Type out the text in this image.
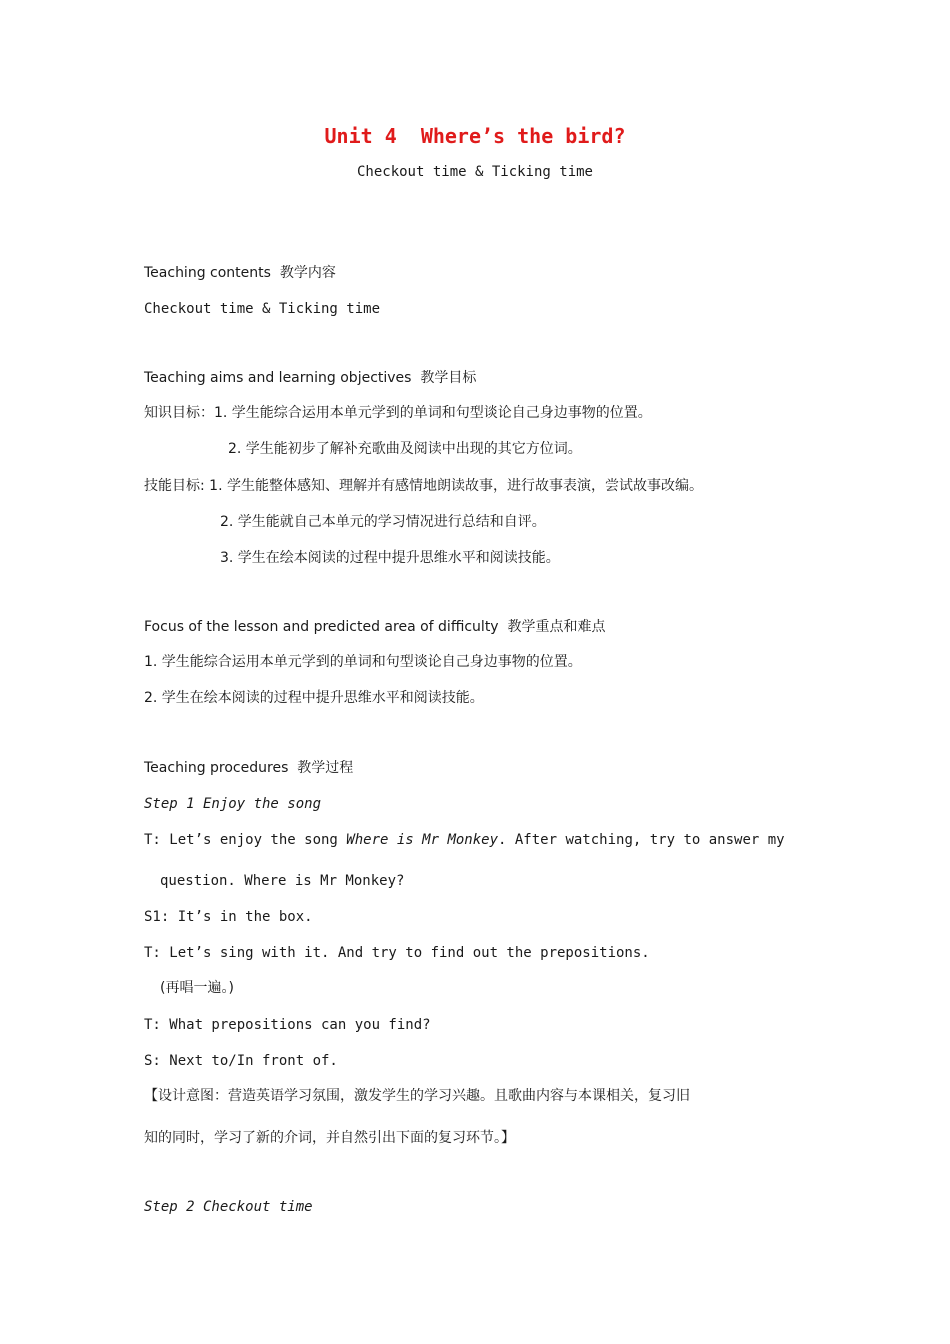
Unit 4  Where’s the bird?
Checkout time & Ticking time
Teaching contents  教学内容
Checkout time & Ticking time
Teaching aims and learning objectives  教学目标
知识目标：1. 学生能综合运用本单元学到的单词和句型谈论自己身边事物的位置。
2. 学生能初步了解补充歌曲及阅读中出现的其它方位词。
技能目标: 1. 学生能整体感知、理解并有感情地朗读故事，进行故事表演，尝试故事改编。
2. 学生能就自己本单元的学习情况进行总结和自评。
3. 学生在绘本阅读的过程中提升思维水平和阅读技能。
Focus of the lesson and predicted area of difficulty  教学重点和难点
1. 学生能综合运用本单元学到的单词和句型谈论自己身边事物的位置。
2. 学生在绘本阅读的过程中提升思维水平和阅读技能。
Teaching procedures  教学过程
Step 1 Enjoy the song
T: Let’s enjoy the song Where is Mr Monkey. After watching, try to answer my
question. Where is Mr Monkey?
S1: It’s in the box.
T: Let’s sing with it. And try to find out the prepositions.
(再唱一遍。)
T: What prepositions can you find?
S: Next to/In front of.
【设计意图：营造英语学习氛围，激发学生的学习兴趣。且歌曲内容与本课相关，复习旧
知的同时，学习了新的介词，并自然引出下面的复习环节。】
Step 2 Checkout time
